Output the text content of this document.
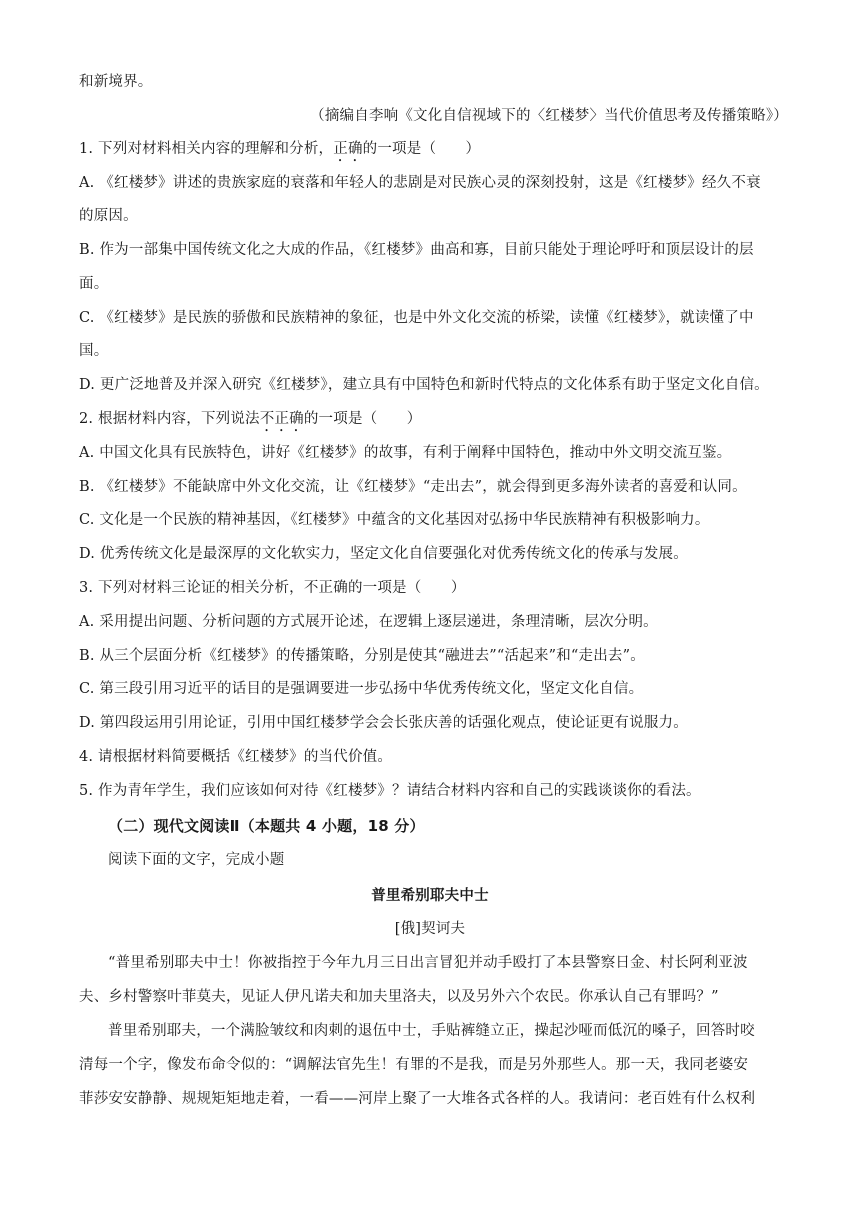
和新境界。
（摘编自李响《文化自信视域下的〈红楼梦〉当代价值思考及传播策略》）
1. 下列对材料相关内容的理解和分析，正确的一项是（　　）
A. 《红楼梦》讲述的贵族家庭的衰落和年轻人的悲剧是对民族心灵的深刻投射，这是《红楼梦》经久不衰
的原因。
B. 作为一部集中国传统文化之大成的作品，《红楼梦》曲高和寡，目前只能处于理论呼吁和顶层设计的层
面。
C. 《红楼梦》是民族的骄傲和民族精神的象征，也是中外文化交流的桥梁，读懂《红楼梦》，就读懂了中
国。
D. 更广泛地普及并深入研究《红楼梦》，建立具有中国特色和新时代特点的文化体系有助于坚定文化自信。
2. 根据材料内容，下列说法不正确的一项是（　　）
A. 中国文化具有民族特色，讲好《红楼梦》的故事，有利于阐释中国特色，推动中外文明交流互鉴。
B. 《红楼梦》不能缺席中外文化交流，让《红楼梦》“走出去”，就会得到更多海外读者的喜爱和认同。
C. 文化是一个民族的精神基因，《红楼梦》中蕴含的文化基因对弘扬中华民族精神有积极影响力。
D. 优秀传统文化是最深厚的文化软实力，坚定文化自信要强化对优秀传统文化的传承与发展。
3. 下列对材料三论证的相关分析，不正确的一项是（　　）
A. 采用提出问题、分析问题的方式展开论述，在逻辑上逐层递进，条理清晰，层次分明。
B. 从三个层面分析《红楼梦》的传播策略，分别是使其“融进去”“活起来”和“走出去”。
C. 第三段引用习近平的话目的是强调要进一步弘扬中华优秀传统文化，坚定文化自信。
D. 第四段运用引用论证，引用中国红楼梦学会会长张庆善的话强化观点，使论证更有说服力。
4. 请根据材料简要概括《红楼梦》的当代价值。
5. 作为青年学生，我们应该如何对待《红楼梦》？请结合材料内容和自己的实践谈谈你的看法。
（二）现代文阅读Ⅱ（本题共 4 小题，18 分）
阅读下面的文字，完成小题
普里希别耶夫中士
[俄]契诃夫
“普里希别耶夫中士！你被指控于今年九月三日出言冒犯并动手殴打了本县警察日金、村长阿利亚波
夫、乡村警察叶菲莫夫，见证人伊凡诺夫和加夫里洛夫，以及另外六个农民。你承认自己有罪吗？”
普里希别耶夫，一个满脸皱纹和肉刺的退伍中士，手贴裤缝立正，操起沙哑而低沉的嗓子，回答时咬
清每一个字，像发布命令似的：“调解法官先生！有罪的不是我，而是另外那些人。那一天，我同老婆安
菲莎安安静静、规规矩矩地走着，一看——河岸上聚了一大堆各式各样的人。我请问：老百姓有什么权利
